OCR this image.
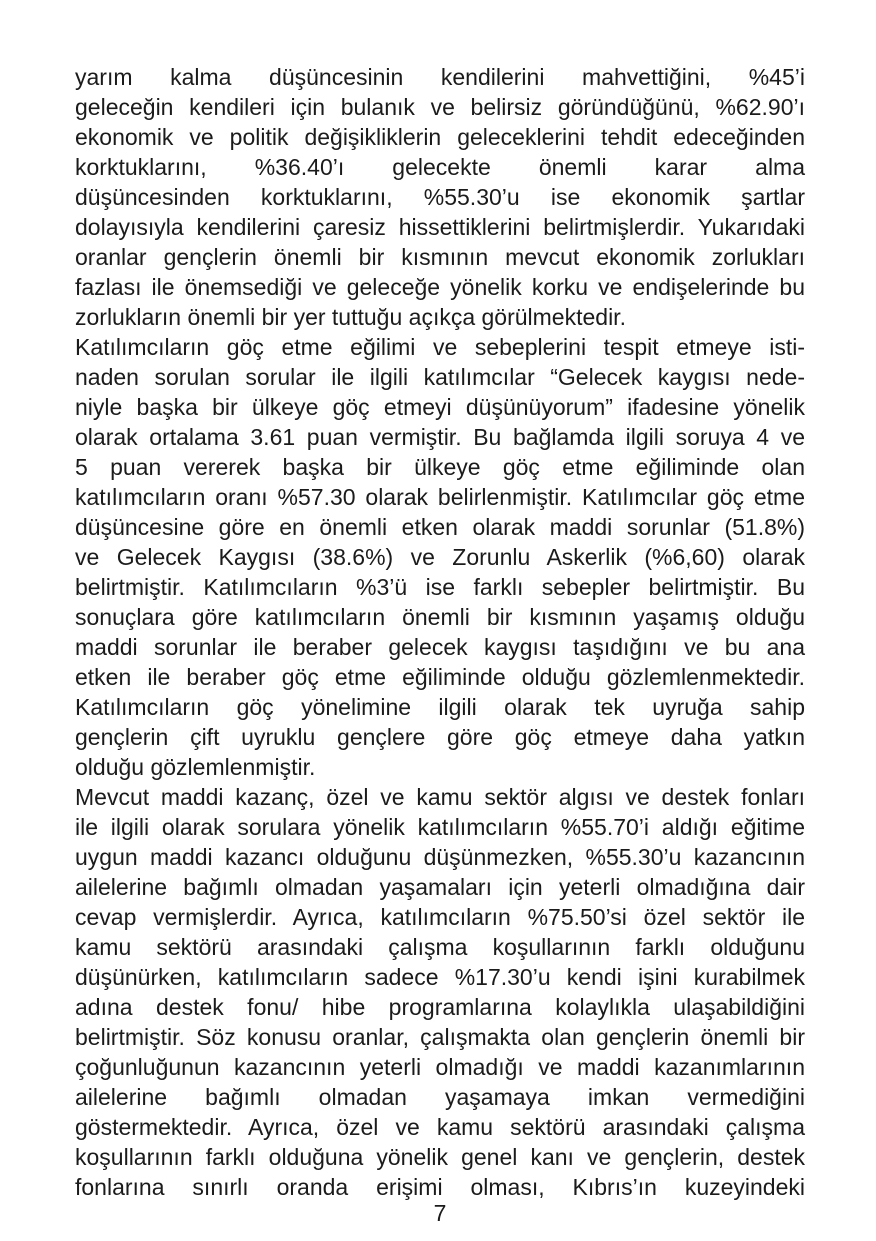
yarım kalma düşüncesinin kendilerini mahvettiğini, %45’i
geleceğin kendileri için bulanık ve belirsiz göründüğünü, %62.90’ı
ekonomik ve politik değişikliklerin geleceklerini tehdit edeceğinden
korktuklarını, %36.40’ı gelecekte önemli karar alma
düşüncesinden korktuklarını, %55.30’u ise ekonomik şartlar
dolayısıyla kendilerini çaresiz hissettiklerini belirtmişlerdir. Yukarıdaki
oranlar gençlerin önemli bir kısmının mevcut ekonomik zorlukları
fazlası ile önemsediği ve geleceğe yönelik korku ve endişelerinde bu
zorlukların önemli bir yer tuttuğu açıkça görülmektedir.
Katılımcıların göç etme eğilimi ve sebeplerini tespit etmeye isti-
naden sorulan sorular ile ilgili katılımcılar “Gelecek kaygısı nede-
niyle başka bir ülkeye göç etmeyi düşünüyorum” ifadesine yönelik
olarak ortalama 3.61 puan vermiştir. Bu bağlamda ilgili soruya 4 ve
5 puan vererek başka bir ülkeye göç etme eğiliminde olan
katılımcıların oranı %57.30 olarak belirlenmiştir. Katılımcılar göç etme
düşüncesine göre en önemli etken olarak maddi sorunlar (51.8%)
ve Gelecek Kaygısı (38.6%) ve Zorunlu Askerlik (%6,60) olarak
belirtmiştir. Katılımcıların %3’ü ise farklı sebepler belirtmiştir. Bu
sonuçlara göre katılımcıların önemli bir kısmının yaşamış olduğu
maddi sorunlar ile beraber gelecek kaygısı taşıdığını ve bu ana
etken ile beraber göç etme eğiliminde olduğu gözlemlenmektedir.
Katılımcıların göç yönelimine ilgili olarak tek uyruğa sahip
gençlerin çift uyruklu gençlere göre göç etmeye daha yatkın
olduğu gözlemlenmiştir.
Mevcut maddi kazanç, özel ve kamu sektör algısı ve destek fonları
ile ilgili olarak sorulara yönelik katılımcıların %55.70’i aldığı eğitime
uygun maddi kazancı olduğunu düşünmezken, %55.30’u kazancının
ailelerine bağımlı olmadan yaşamaları için yeterli olmadığına dair
cevap vermişlerdir. Ayrıca, katılımcıların %75.50’si özel sektör ile
kamu sektörü arasındaki çalışma koşullarının farklı olduğunu
düşünürken, katılımcıların sadece %17.30’u kendi işini kurabilmek
adına destek fonu/ hibe programlarına kolaylıkla ulaşabildiğini
belirtmiştir. Söz konusu oranlar, çalışmakta olan gençlerin önemli bir
çoğunluğunun kazancının yeterli olmadığı ve maddi kazanımlarının
ailelerine bağımlı olmadan yaşamaya imkan vermediğini
göstermektedir. Ayrıca, özel ve kamu sektörü arasındaki çalışma
koşullarının farklı olduğuna yönelik genel kanı ve gençlerin, destek
fonlarına sınırlı oranda erişimi olması, Kıbrıs’ın kuzeyindeki
7
